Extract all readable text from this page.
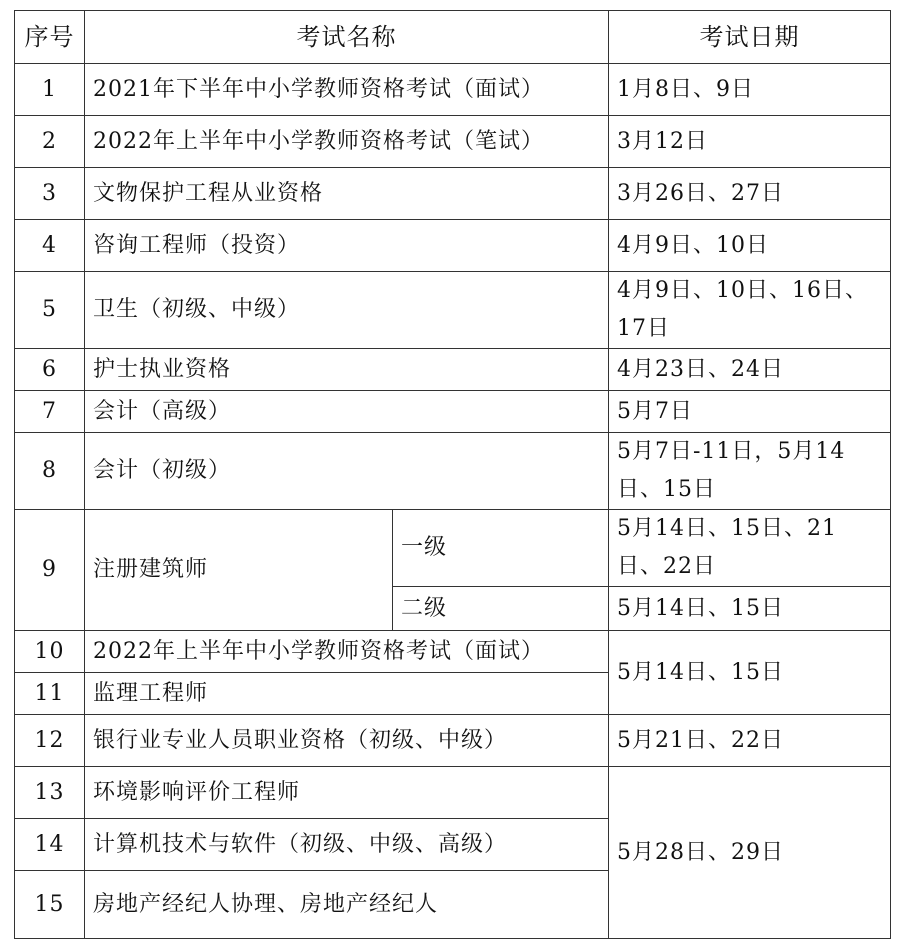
序号	考试名称		考试日期
1	2021年下半年中小学教师资格考试（面试）		1月8日、9日
2	2022年上半年中小学教师资格考试（笔试）		3月12日
3	文物保护工程从业资格		3月26日、27日
4	咨询工程师（投资）		4月9日、10日
5	卫生（初级、中级）		4月9日、10日、16日、17日
6	护士执业资格		4月23日、24日
7	会计（高级）		5月7日
8	会计（初级）		5月7日-11日，5月14日、15日
9	注册建筑师	一级	5月14日、15日、21日、22日
		二级	5月14日、15日
10	2022年上半年中小学教师资格考试（面试）		5月14日、15日
11	监理工程师		
12	银行业专业人员职业资格（初级、中级）		5月21日、22日
13	环境影响评价工程师		5月28日、29日
14	计算机技术与软件（初级、中级、高级）		
15	房地产经纪人协理、房地产经纪人		
